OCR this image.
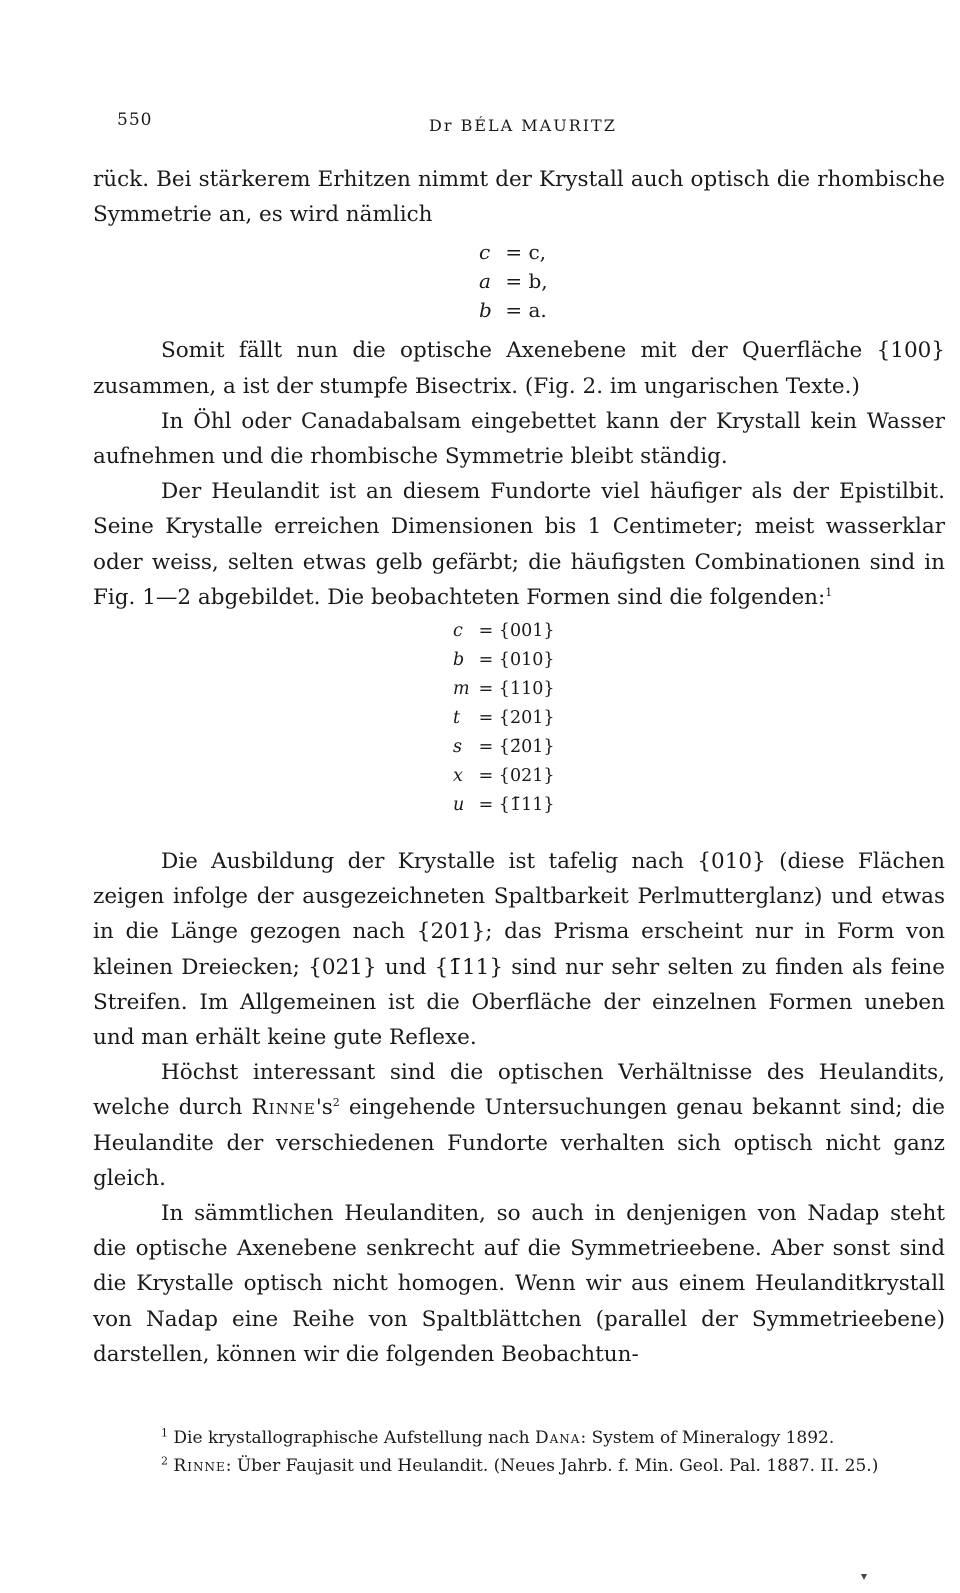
550	Dr BÉLA MAURITZ

rück. Bei stärkerem Erhitzen nimmt der Krystall auch optisch die rhombische Symmetrie an, es wird nämlich

c = c,
a = b,
b = a.

Somit fällt nun die optische Axenebene mit der Querfläche {100} zusammen, a ist der stumpfe Bisectrix. (Fig. 2. im ungarischen Texte.)

In Öhl oder Canadabalsam eingebettet kann der Krystall kein Wasser aufnehmen und die rhombische Symmetrie bleibt ständig.

Der Heulandit ist an diesem Fundorte viel häufiger als der Epistilbit. Seine Krystalle erreichen Dimensionen bis 1 Centimeter; meist wasserklar oder weiss, selten etwas gelb gefärbt; die häufigsten Combinationen sind in Fig. 1—2 abgebildet. Die beobachteten Formen sind die folgenden:$^1$

c = {001}
b = {010}
m = {110}
t = {201}
s = {2̄01}
x = {021}
u = {1̄11}

Die Ausbildung der Krystalle ist tafelig nach {010} (diese Flächen zeigen infolge der ausgezeichneten Spaltbarkeit Perlmutterglanz) und etwas in die Länge gezogen nach {201}; das Prisma erscheint nur in Form von kleinen Dreiecken; {021} und {1̄11} sind nur sehr selten zu finden als feine Streifen. Im Allgemeinen ist die Oberfläche der einzelnen Formen uneben und man erhält keine gute Reflexe.

Höchst interessant sind die optischen Verhältnisse des Heulandits, welche durch $Rinne's^2$ eingehende Untersuchungen genau bekannt sind; die Heulandite der verschiedenen Fundorte verhalten sich optisch nicht ganz gleich.

In sämmtlichen Heulanditen, so auch in denjenigen von Nadap steht die optische Axenebene senkrecht auf die Symmetrieebene. Aber sonst sind die Krystalle optisch nicht homogen. Wenn wir aus einem Heulanditkrystall von Nadap eine Reihe von Spaltblättchen (parallel der Symmetrieebene) darstellen, können wir die folgenden Beobachtun-

$^1$ Die krystallographische Aufstellung nach Dana: System of Mineralogy 1892.

$^2$ Rinne: Über Faujasit und Heulandit. (Neues Jahrb. f. Min. Geol. Pal. 1887. II. 25.)
